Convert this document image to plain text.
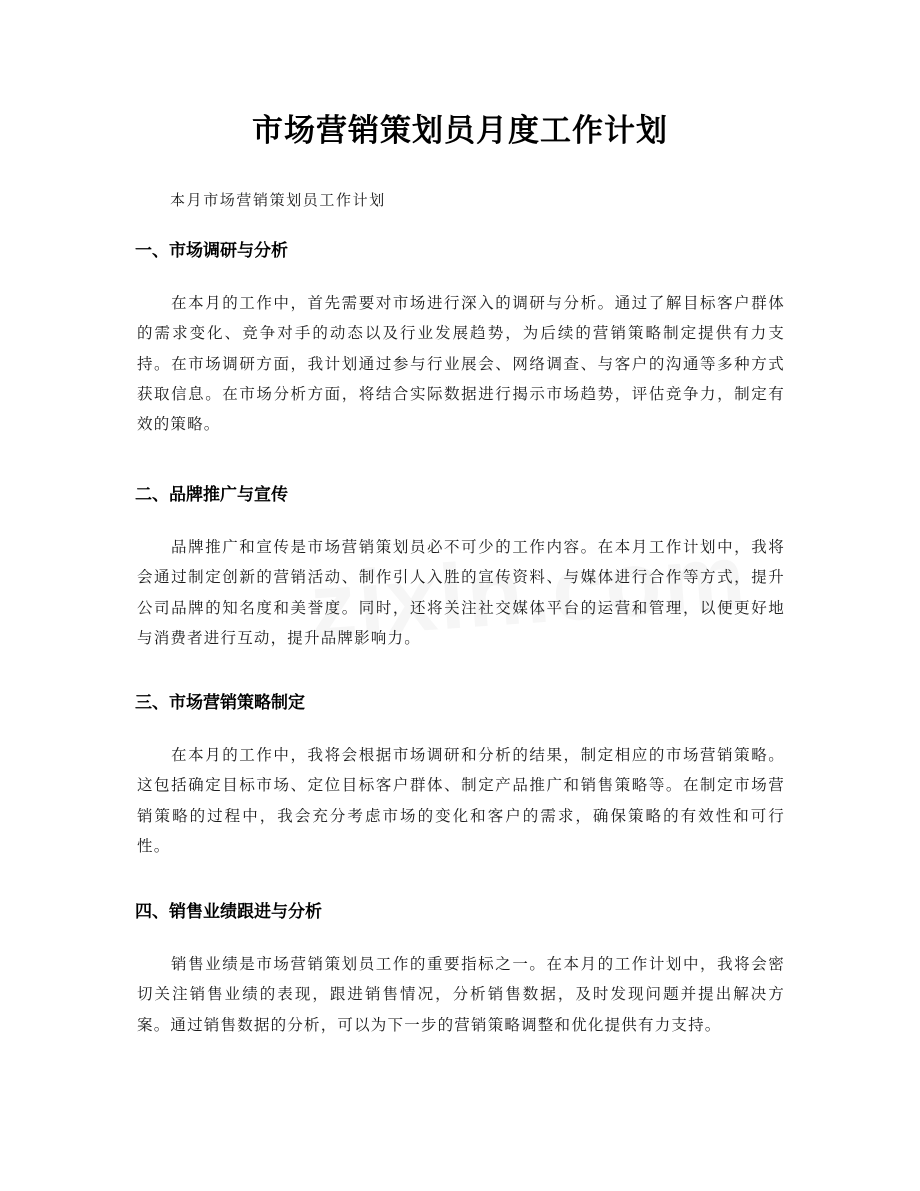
市场营销策划员月度工作计划

本月市场营销策划员工作计划

一、市场调研与分析

在本月的工作中，首先需要对市场进行深入的调研与分析。通过了解目标客户群体的需求变化、竞争对手的动态以及行业发展趋势，为后续的营销策略制定提供有力支持。在市场调研方面，我计划通过参与行业展会、网络调查、与客户的沟通等多种方式获取信息。在市场分析方面，将结合实际数据进行揭示市场趋势，评估竞争力，制定有效的策略。

二、品牌推广与宣传

品牌推广和宣传是市场营销策划员必不可少的工作内容。在本月工作计划中，我将会通过制定创新的营销活动、制作引人入胜的宣传资料、与媒体进行合作等方式，提升公司品牌的知名度和美誉度。同时，还将关注社交媒体平台的运营和管理，以便更好地与消费者进行互动，提升品牌影响力。

三、市场营销策略制定

在本月的工作中，我将会根据市场调研和分析的结果，制定相应的市场营销策略。这包括确定目标市场、定位目标客户群体、制定产品推广和销售策略等。在制定市场营销策略的过程中，我会充分考虑市场的变化和客户的需求，确保策略的有效性和可行性。

四、销售业绩跟进与分析

销售业绩是市场营销策划员工作的重要指标之一。在本月的工作计划中，我将会密切关注销售业绩的表现，跟进销售情况，分析销售数据，及时发现问题并提出解决方案。通过销售数据的分析，可以为下一步的营销策略调整和优化提供有力支持。
